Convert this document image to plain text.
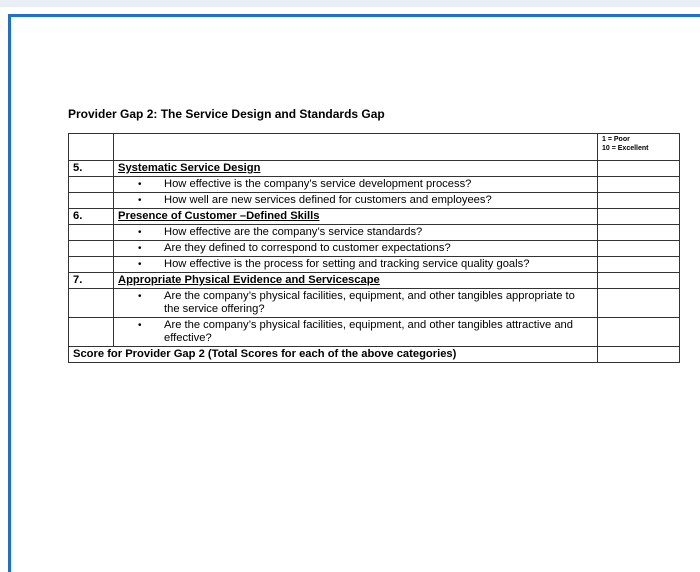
Provider Gap 2: The Service Design and Standards Gap

		1 = Poor
10 = Excellent

5.	Systematic Service Design	

	• How effective is the company’s service development process?	

	• How well are new services defined for customers and employees?	

6.	Presence of Customer –Defined Skills	

	• How effective are the company’s service standards?	

	• Are they defined to correspond to customer expectations?	

	• How effective is the process for setting and tracking service quality goals?	

7.	Appropriate Physical Evidence and Servicescape	

	• Are the company’s physical facilities, equipment, and other tangibles appropriate to the service offering?	

	• Are the company’s physical facilities, equipment, and other tangibles attractive and effective?	

Score for Provider Gap 2 (Total Scores for each of the above categories)		
